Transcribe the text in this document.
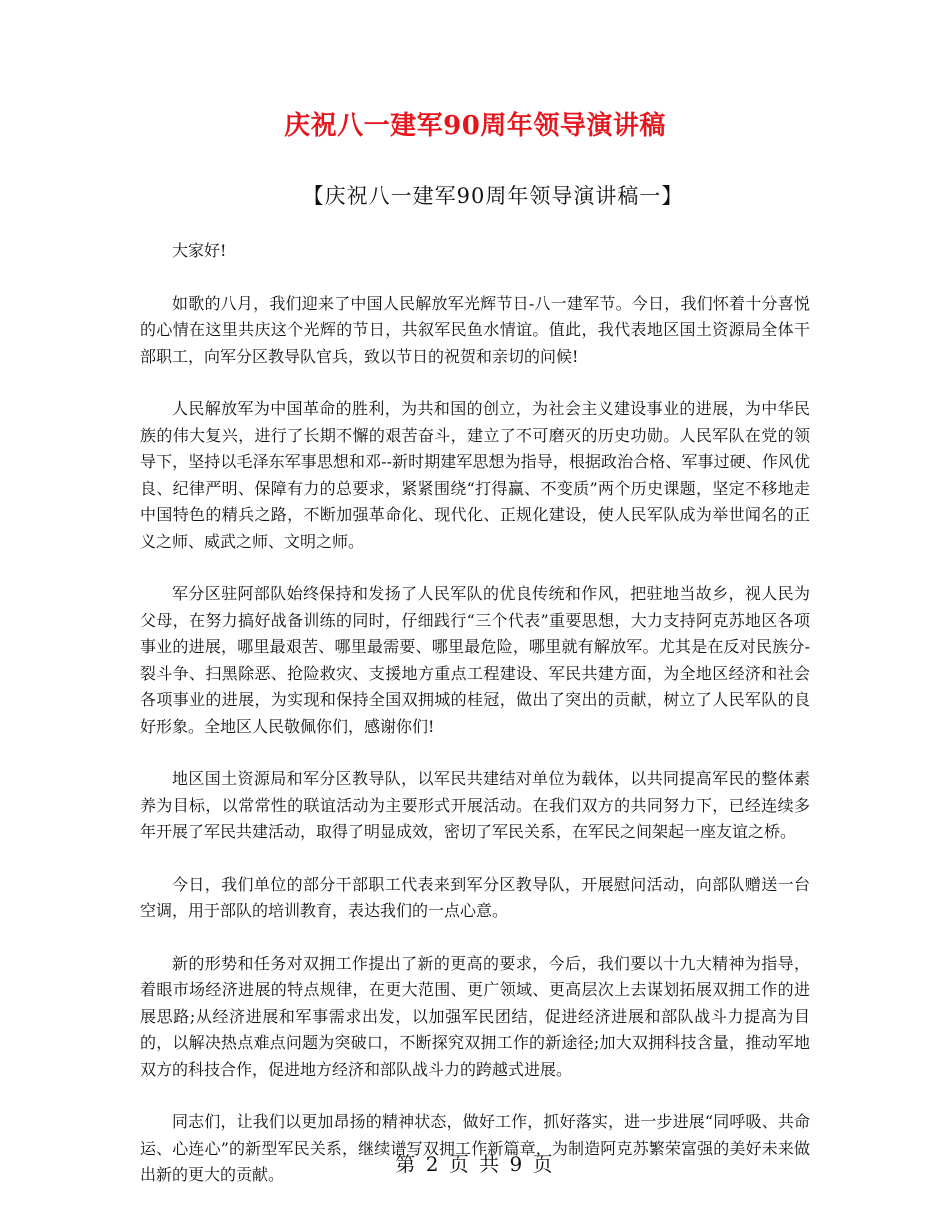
庆祝八一建军90周年领导演讲稿
【庆祝八一建军90周年领导演讲稿一】

大家好!

如歌的八月，我们迎来了中国人民解放军光辉节日-八一建军节。今日，我们怀着十分喜悦的心情在这里共庆这个光辉的节日，共叙军民鱼水情谊。值此，我代表地区国土资源局全体干部职工，向军分区教导队官兵，致以节日的祝贺和亲切的问候!

人民解放军为中国革命的胜利，为共和国的创立，为社会主义建设事业的进展，为中华民族的伟大复兴，进行了长期不懈的艰苦奋斗，建立了不可磨灭的历史功勋。人民军队在党的领导下，坚持以毛泽东军事思想和邓--新时期建军思想为指导，根据政治合格、军事过硬、作风优良、纪律严明、保障有力的总要求，紧紧围绕“打得赢、不变质”两个历史课题，坚定不移地走中国特色的精兵之路，不断加强革命化、现代化、正规化建设，使人民军队成为举世闻名的正义之师、威武之师、文明之师。

军分区驻阿部队始终保持和发扬了人民军队的优良传统和作风，把驻地当故乡，视人民为父母，在努力搞好战备训练的同时，仔细践行“三个代表”重要思想，大力支持阿克苏地区各项事业的进展，哪里最艰苦、哪里最需要、哪里最危险，哪里就有解放军。尤其是在反对民族分-裂斗争、扫黑除恶、抢险救灾、支援地方重点工程建设、军民共建方面，为全地区经济和社会各项事业的进展，为实现和保持全国双拥城的桂冠，做出了突出的贡献，树立了人民军队的良好形象。全地区人民敬佩你们，感谢你们!

地区国土资源局和军分区教导队，以军民共建结对单位为载体，以共同提高军民的整体素养为目标，以常常性的联谊活动为主要形式开展活动。在我们双方的共同努力下，已经连续多年开展了军民共建活动，取得了明显成效，密切了军民关系，在军民之间架起一座友谊之桥。

今日，我们单位的部分干部职工代表来到军分区教导队，开展慰问活动，向部队赠送一台空调，用于部队的培训教育，表达我们的一点心意。

新的形势和任务对双拥工作提出了新的更高的要求，今后，我们要以十九大精神为指导，着眼市场经济进展的特点规律，在更大范围、更广领域、更高层次上去谋划拓展双拥工作的进展思路;从经济进展和军事需求出发，以加强军民团结，促进经济进展和部队战斗力提高为目的，以解决热点难点问题为突破口，不断探究双拥工作的新途径;加大双拥科技含量，推动军地双方的科技合作，促进地方经济和部队战斗力的跨越式进展。

同志们，让我们以更加昂扬的精神状态，做好工作，抓好落实，进一步进展“同呼吸、共命运、心连心”的新型军民关系，继续谱写双拥工作新篇章，为制造阿克苏繁荣富强的美好未来做出新的更大的贡献。	第 2 页 共 9 页
